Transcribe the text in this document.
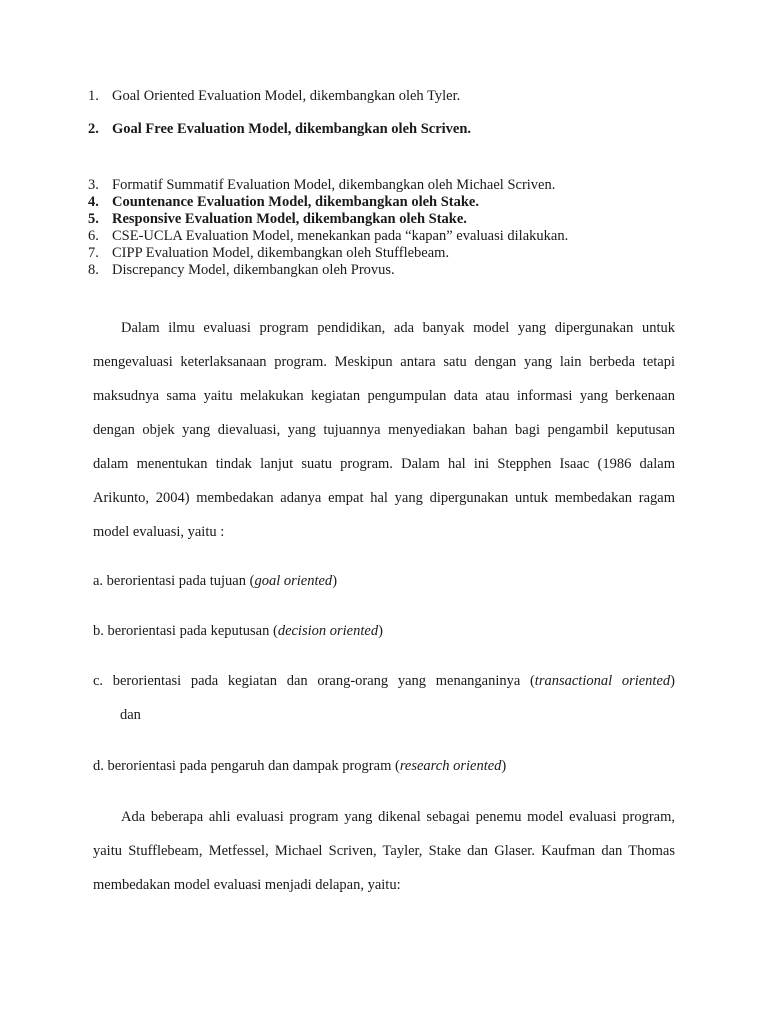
1. Goal Oriented Evaluation Model, dikembangkan oleh Tyler.
2. Goal Free Evaluation Model, dikembangkan oleh Scriven.
3. Formatif Summatif Evaluation Model, dikembangkan oleh Michael Scriven.
4. Countenance Evaluation Model, dikembangkan oleh Stake.
5. Responsive Evaluation Model, dikembangkan oleh Stake.
6. CSE-UCLA Evaluation Model, menekankan pada “kapan” evaluasi dilakukan.
7. CIPP Evaluation Model, dikembangkan oleh Stufflebeam.
8. Discrepancy Model, dikembangkan oleh Provus.

Dalam ilmu evaluasi program pendidikan, ada banyak model yang dipergunakan untuk mengevaluasi keterlaksanaan program. Meskipun antara satu dengan yang lain berbeda tetapi maksudnya sama yaitu melakukan kegiatan pengumpulan data atau informasi yang berkenaan dengan objek yang dievaluasi, yang tujuannya menyediakan bahan bagi pengambil keputusan dalam menentukan tindak lanjut suatu program. Dalam hal ini Stepphen Isaac (1986 dalam Arikunto, 2004) membedakan adanya empat hal yang dipergunakan untuk membedakan ragam model evaluasi, yaitu :

a. berorientasi pada tujuan (goal oriented)
b. berorientasi pada keputusan (decision oriented)
c. berorientasi pada kegiatan dan orang-orang yang menanganinya (transactional oriented)
dan
d. berorientasi pada pengaruh dan dampak program (research oriented)

Ada beberapa ahli evaluasi program yang dikenal sebagai penemu model evaluasi program, yaitu Stufflebeam, Metfessel, Michael Scriven, Tayler, Stake dan Glaser. Kaufman dan Thomas membedakan model evaluasi menjadi delapan, yaitu:
